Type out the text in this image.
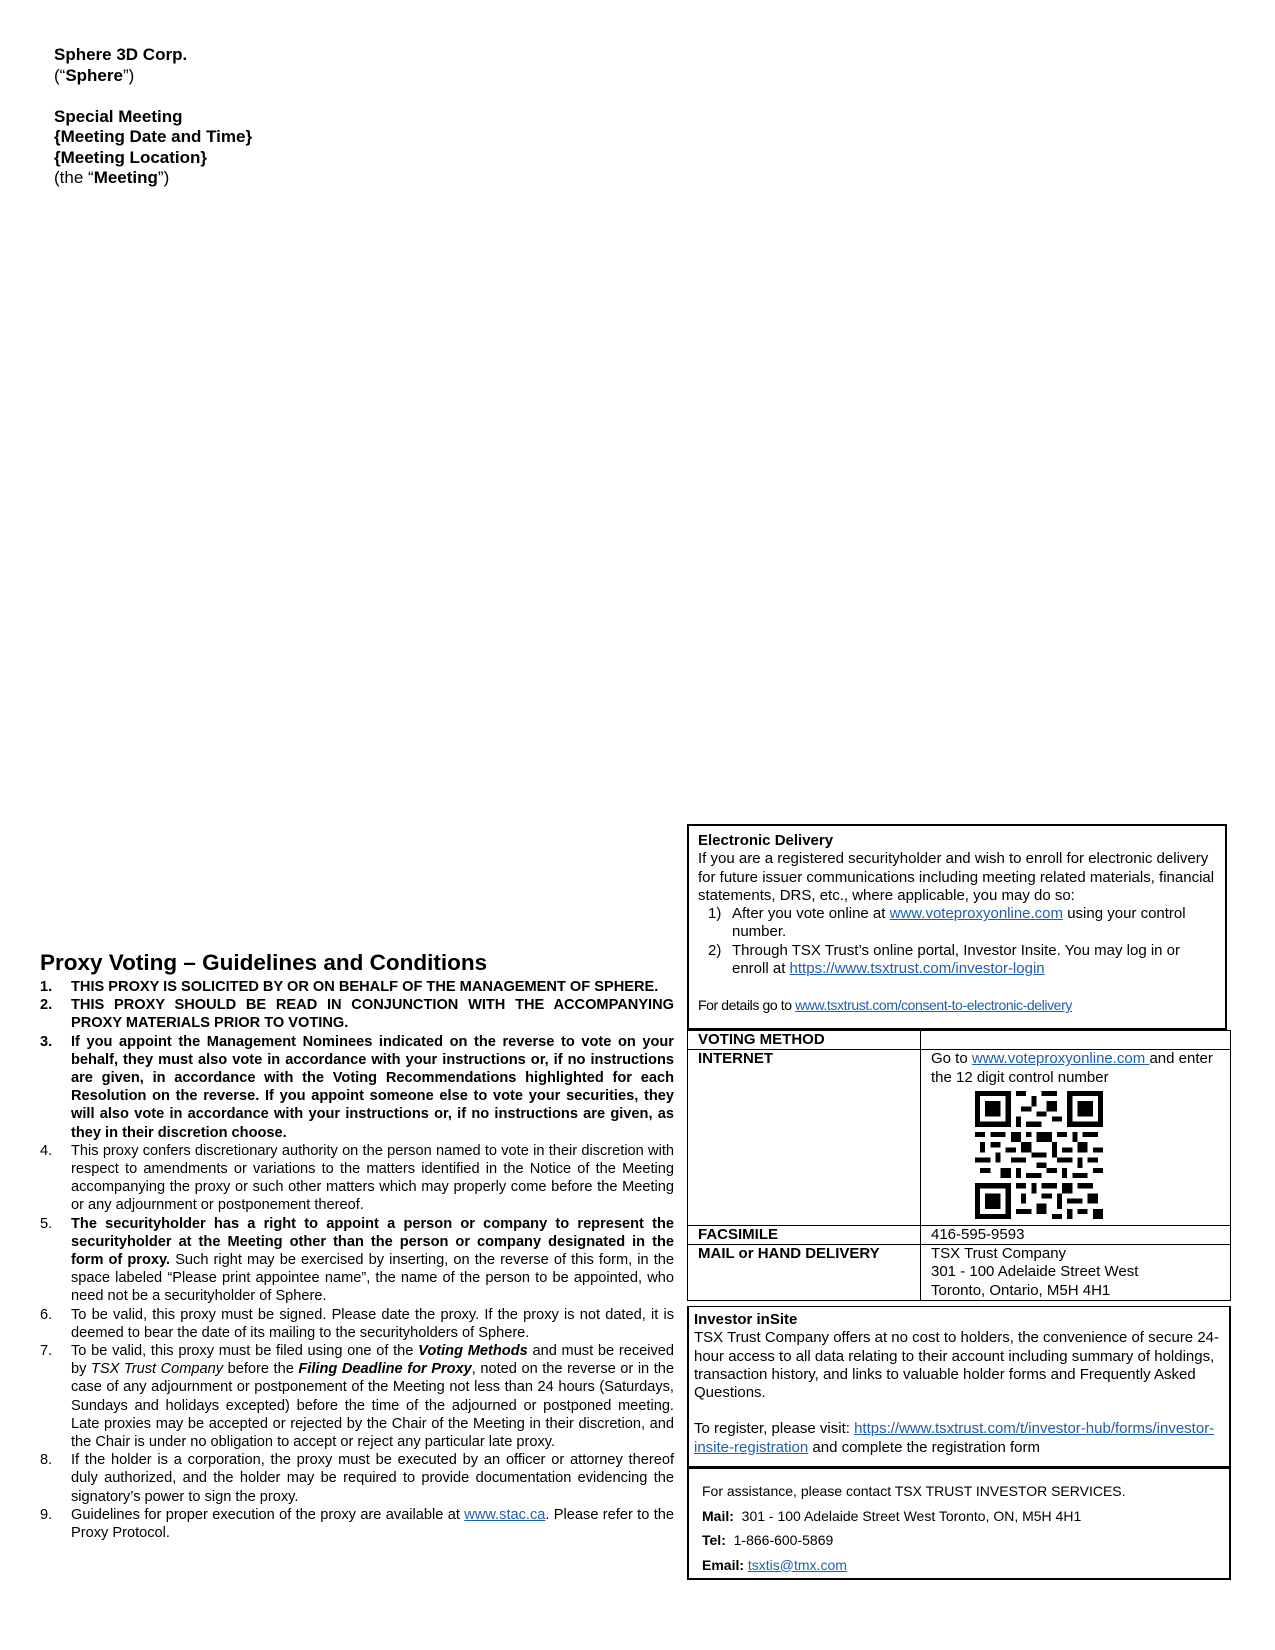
Sphere 3D Corp.
(“Sphere”)
Special Meeting
{Meeting Date and Time}
{Meeting Location}
(the “Meeting”)
Proxy Voting – Guidelines and Conditions
1. THIS PROXY IS SOLICITED BY OR ON BEHALF OF THE MANAGEMENT OF SPHERE.
2. THIS PROXY SHOULD BE READ IN CONJUNCTION WITH THE ACCOMPANYING PROXY MATERIALS PRIOR TO VOTING.
3. If you appoint the Management Nominees indicated on the reverse to vote on your behalf, they must also vote in accordance with your instructions or, if no instructions are given, in accordance with the Voting Recommendations highlighted for each Resolution on the reverse. If you appoint someone else to vote your securities, they will also vote in accordance with your instructions or, if no instructions are given, as they in their discretion choose.
4. This proxy confers discretionary authority on the person named to vote in their discretion with respect to amendments or variations to the matters identified in the Notice of the Meeting accompanying the proxy or such other matters which may properly come before the Meeting or any adjournment or postponement thereof.
5. The securityholder has a right to appoint a person or company to represent the securityholder at the Meeting other than the person or company designated in the form of proxy. Such right may be exercised by inserting, on the reverse of this form, in the space labeled “Please print appointee name”, the name of the person to be appointed, who need not be a securityholder of Sphere.
6. To be valid, this proxy must be signed. Please date the proxy. If the proxy is not dated, it is deemed to bear the date of its mailing to the securityholders of Sphere.
7. To be valid, this proxy must be filed using one of the Voting Methods and must be received by TSX Trust Company before the Filing Deadline for Proxy, noted on the reverse or in the case of any adjournment or postponement of the Meeting not less than 24 hours (Saturdays, Sundays and holidays excepted) before the time of the adjourned or postponed meeting. Late proxies may be accepted or rejected by the Chair of the Meeting in their discretion, and the Chair is under no obligation to accept or reject any particular late proxy.
8. If the holder is a corporation, the proxy must be executed by an officer or attorney thereof duly authorized, and the holder may be required to provide documentation evidencing the signatory’s power to sign the proxy.
9. Guidelines for proper execution of the proxy are available at www.stac.ca. Please refer to the Proxy Protocol.
Electronic Delivery
If you are a registered securityholder and wish to enroll for electronic delivery for future issuer communications including meeting related materials, financial statements, DRS, etc., where applicable, you may do so:
1) After you vote online at www.voteproxyonline.com using your control number.
2) Through TSX Trust’s online portal, Investor Insite. You may log in or enroll at https://www.tsxtrust.com/investor-login
For details go to www.tsxtrust.com/consent-to-electronic-delivery
VOTING METHOD	
INTERNET	Go to www.voteproxyonline.com and enter the 12 digit control number

FACSIMILE	416-595-9593
MAIL or HAND DELIVERY	TSX Trust Company
301 - 100 Adelaide Street West
Toronto, Ontario, M5H 4H1
Investor inSite
TSX Trust Company offers at no cost to holders, the convenience of secure 24-hour access to all data relating to their account including summary of holdings, transaction history, and links to valuable holder forms and Frequently Asked Questions.
To register, please visit: https://www.tsxtrust.com/t/investor-hub/forms/investor-insite-registration and complete the registration form
For assistance, please contact TSX TRUST INVESTOR SERVICES.
Mail: 301 - 100 Adelaide Street West Toronto, ON, M5H 4H1
Tel: 1-866-600-5869
Email: tsxtis@tmx.com
